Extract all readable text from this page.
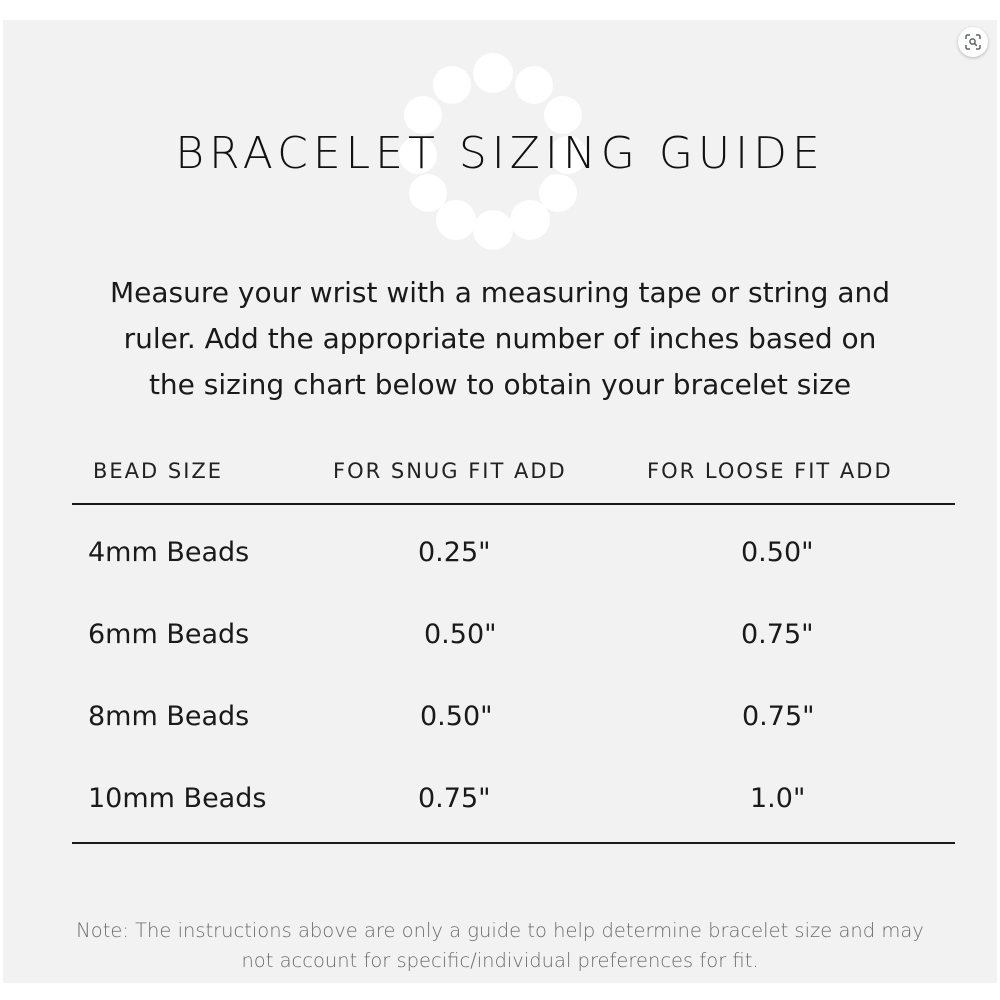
BRACELET SIZING GUIDE
Measure your wrist with a measuring tape or string and
ruler. Add the appropriate number of inches based on
the sizing chart below to obtain your bracelet size
BEAD SIZE	FOR SNUG FIT ADD	FOR LOOSE FIT ADD
4mm Beads	0.25"	0.50"
6mm Beads	0.50"	0.75"
8mm Beads	0.50"	0.75"
10mm Beads	0.75"	1.0"
Note: The instructions above are only a guide to help determine bracelet size and may
not account for specific/individual preferences for fit.
